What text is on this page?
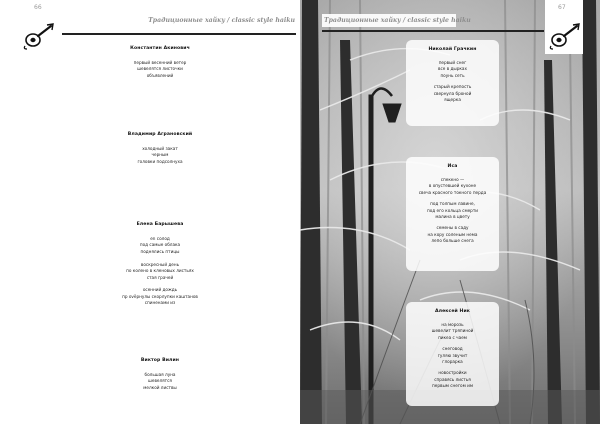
66
Традиционные хайку / classic style haiku
Константин Акинович
первый весенний ветер
шевелятся листочки
объявлений
Владимир Аграновский
холодный закат
черным
головки подсолнуха
Елена Барышева
en солод
под самые облака
поднялись птицы
воскресный день
по колено в кленовых листьях
стая грачей
осенний дождь
пр ovёрнулы скорлупки каштанов
спиненами из
Виктор Вилин
большая луна
шевелятся
мелкой листвы
Традиционные хайку / classic style haiku
67
Николай Грачкин
первый снег
все в дырках
поунь сеть
старый крепость
свернула броной
ящерка
Иса
спеккно —
в опустевшей кухоне
свеча красного токного перда
под толпым лавине,
под его кольца смерти
малина в цвету
семены в саду
на кору соленым нема
лепо больше снега
Алексей Ник
на морозь
шевелит тряпиной
пикеа с чаем
снеговод
гуляю звучит
глорарка
новостройки
справясь листья
первым снегом им
